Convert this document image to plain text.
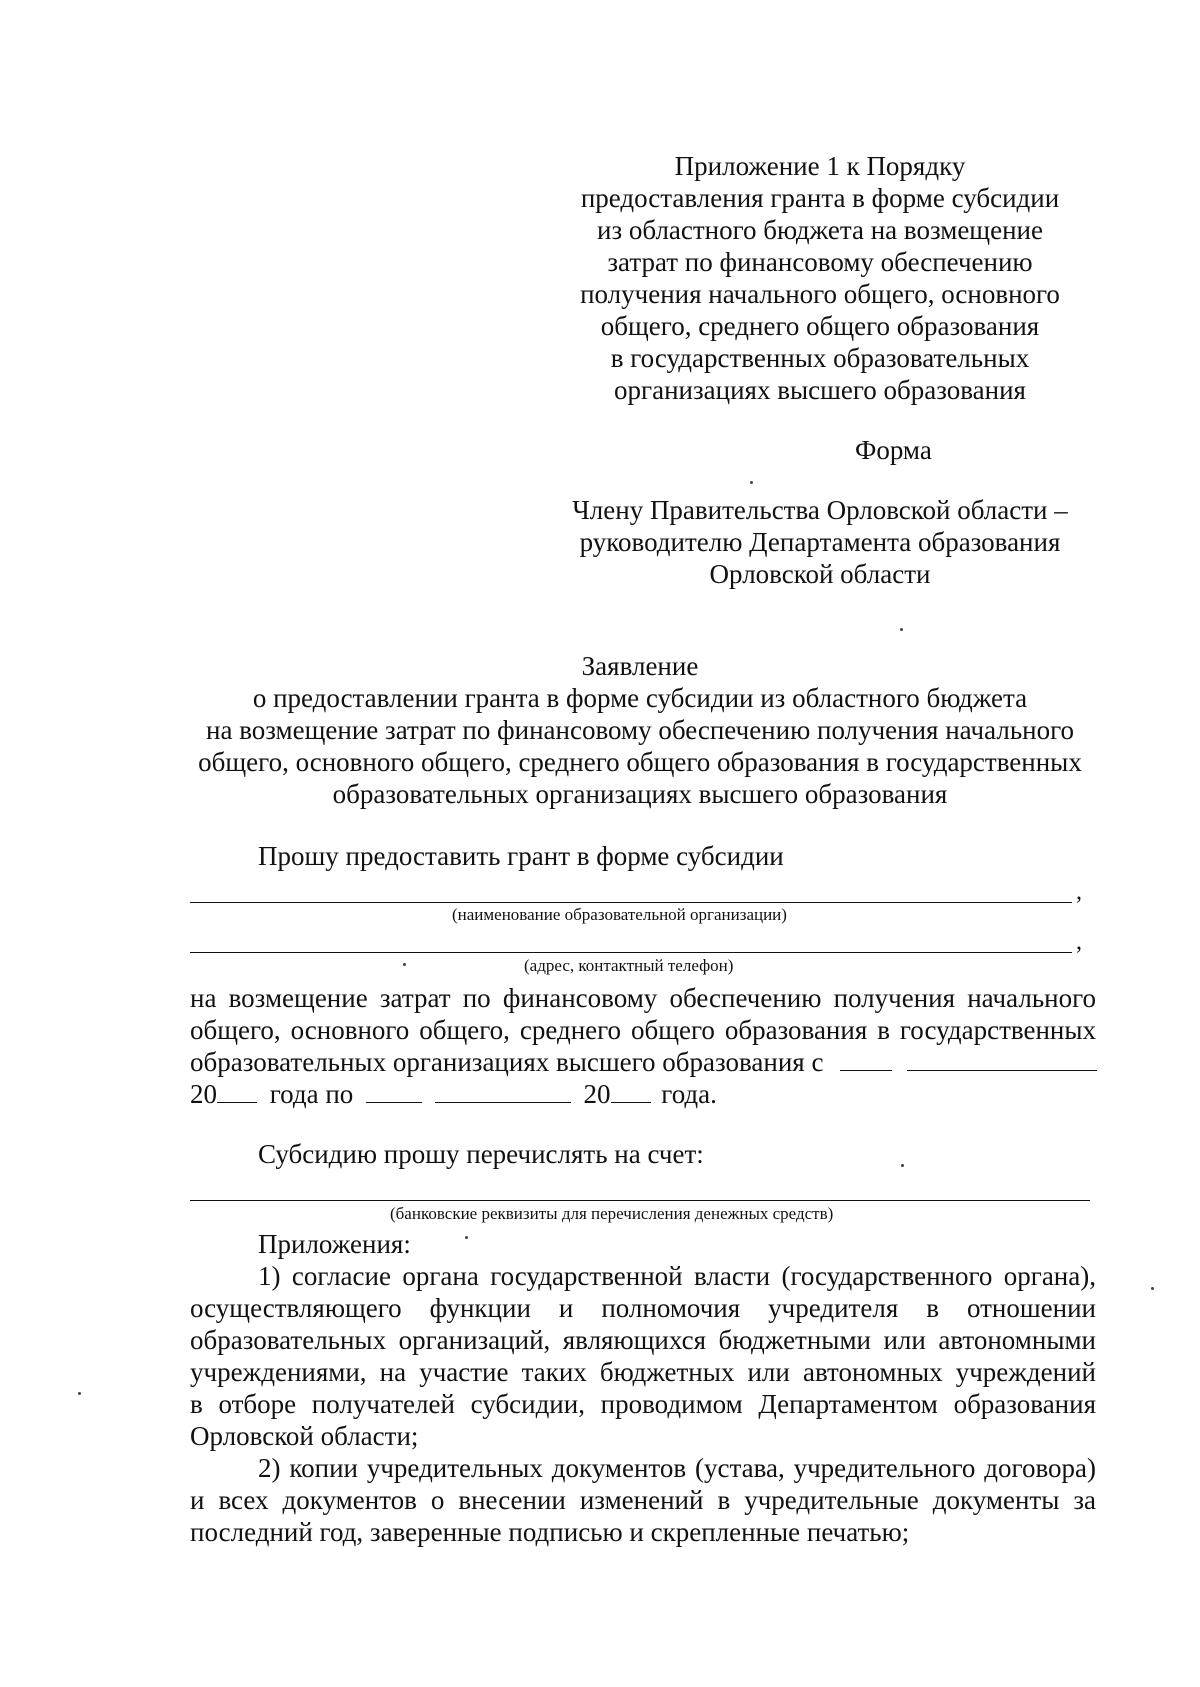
Приложение 1 к Порядку
предоставления гранта в форме субсидии
из областного бюджета на возмещение
затрат по финансовому обеспечению
получения начального общего, основного
общего, среднего общего образования
в государственных образовательных
организациях высшего образования
Форма
Члену Правительства Орловской области –
руководителю Департамента образования
Орловской области
Заявление
о предоставлении гранта в форме субсидии из областного бюджета
на возмещение затрат по финансовому обеспечению получения начального
общего, основного общего, среднего общего образования в государственных
образовательных организациях высшего образования
Прошу предоставить грант в форме субсидии
,
(наименование образовательной организации)
,
(адрес, контактный телефон)
на возмещение затрат по финансовому обеспечению получения начального
общего, основного общего, среднего общего образования в государственных
образовательных организациях высшего образования с
20 года по	20 года.
Субсидию прошу перечислять на счет:
(банковские реквизиты для перечисления денежных средств)
Приложения:
1) согласие органа государственной власти (государственного органа),
осуществляющего функции и полномочия учредителя в отношении
образовательных организаций, являющихся бюджетными или автономными
учреждениями, на участие таких бюджетных или автономных учреждений
в отборе получателей субсидии, проводимом Департаментом образования
Орловской области;
2) копии учредительных документов (устава, учредительного договора)
и всех документов о внесении изменений в учредительные документы за
последний год, заверенные подписью и скрепленные печатью;
